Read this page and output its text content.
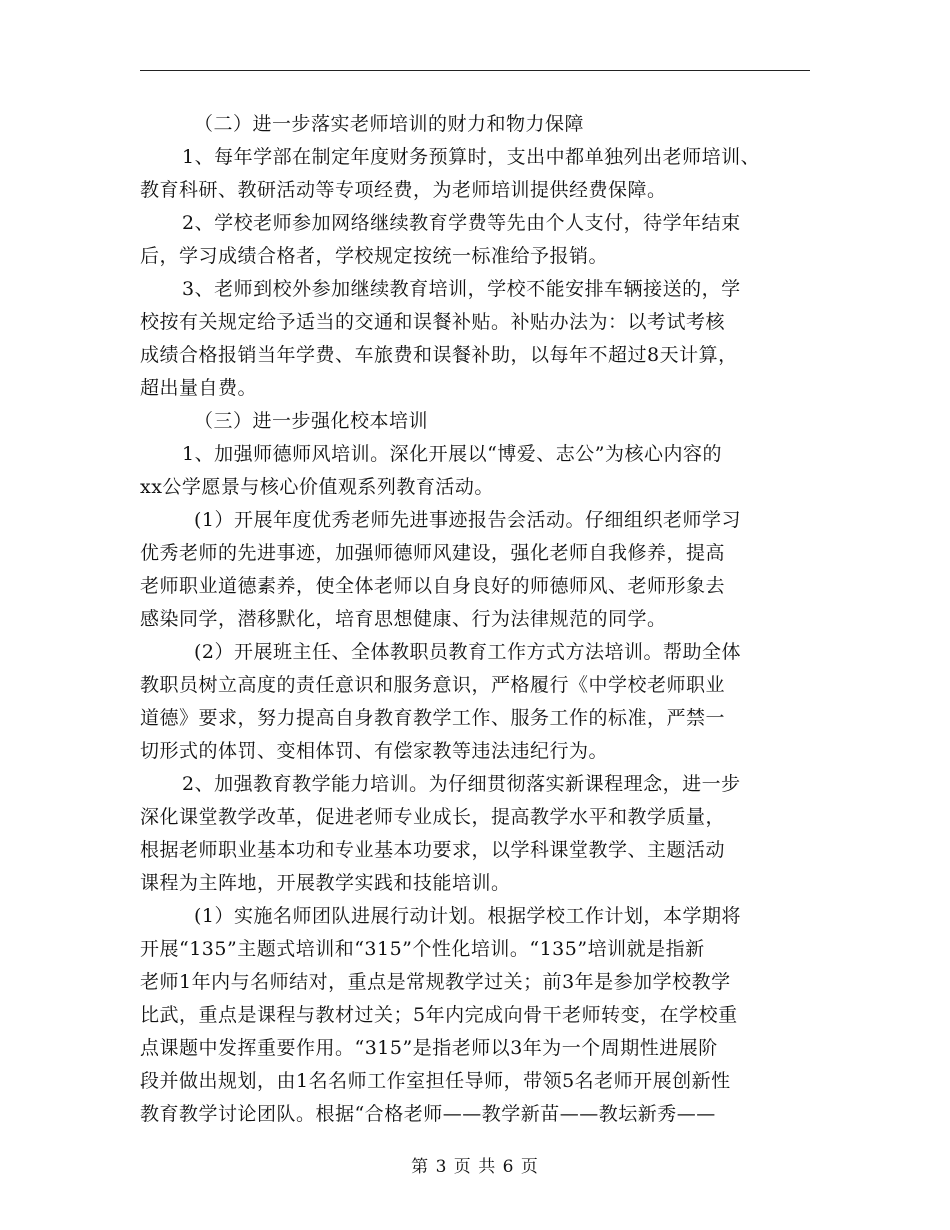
（二）进一步落实老师培训的财力和物力保障
1、每年学部在制定年度财务预算时，支出中都单独列出老师培训、
教育科研、教研活动等专项经费，为老师培训提供经费保障。
2、学校老师参加网络继续教育学费等先由个人支付，待学年结束
后，学习成绩合格者，学校规定按统一标准给予报销。
3、老师到校外参加继续教育培训，学校不能安排车辆接送的，学
校按有关规定给予适当的交通和误餐补贴。补贴办法为：以考试考核
成绩合格报销当年学费、车旅费和误餐补助，以每年不超过8天计算，
超出量自费。
（三）进一步强化校本培训
1、加强师德师风培训。深化开展以“博爱、志公”为核心内容的
xx公学愿景与核心价值观系列教育活动。
(1）开展年度优秀老师先进事迹报告会活动。仔细组织老师学习
优秀老师的先进事迹，加强师德师风建设，强化老师自我修养，提高
老师职业道德素养，使全体老师以自身良好的师德师风、老师形象去
感染同学，潜移默化，培育思想健康、行为法律规范的同学。
(2）开展班主任、全体教职员教育工作方式方法培训。帮助全体
教职员树立高度的责任意识和服务意识，严格履行《中学校老师职业
道德》要求，努力提高自身教育教学工作、服务工作的标准，严禁一
切形式的体罚、变相体罚、有偿家教等违法违纪行为。
2、加强教育教学能力培训。为仔细贯彻落实新课程理念，进一步
深化课堂教学改革，促进老师专业成长，提高教学水平和教学质量，
根据老师职业基本功和专业基本功要求，以学科课堂教学、主题活动
课程为主阵地，开展教学实践和技能培训。
(1）实施名师团队进展行动计划。根据学校工作计划，本学期将
开展“135”主题式培训和“315”个性化培训。“135”培训就是指新
老师1年内与名师结对，重点是常规教学过关；前3年是参加学校教学
比武，重点是课程与教材过关；5年内完成向骨干老师转变，在学校重
点课题中发挥重要作用。“315”是指老师以3年为一个周期性进展阶
段并做出规划，由1名名师工作室担任导师，带领5名老师开展创新性
教育教学讨论团队。根据“合格老师——教学新苗——教坛新秀——
第 3 页 共 6 页
